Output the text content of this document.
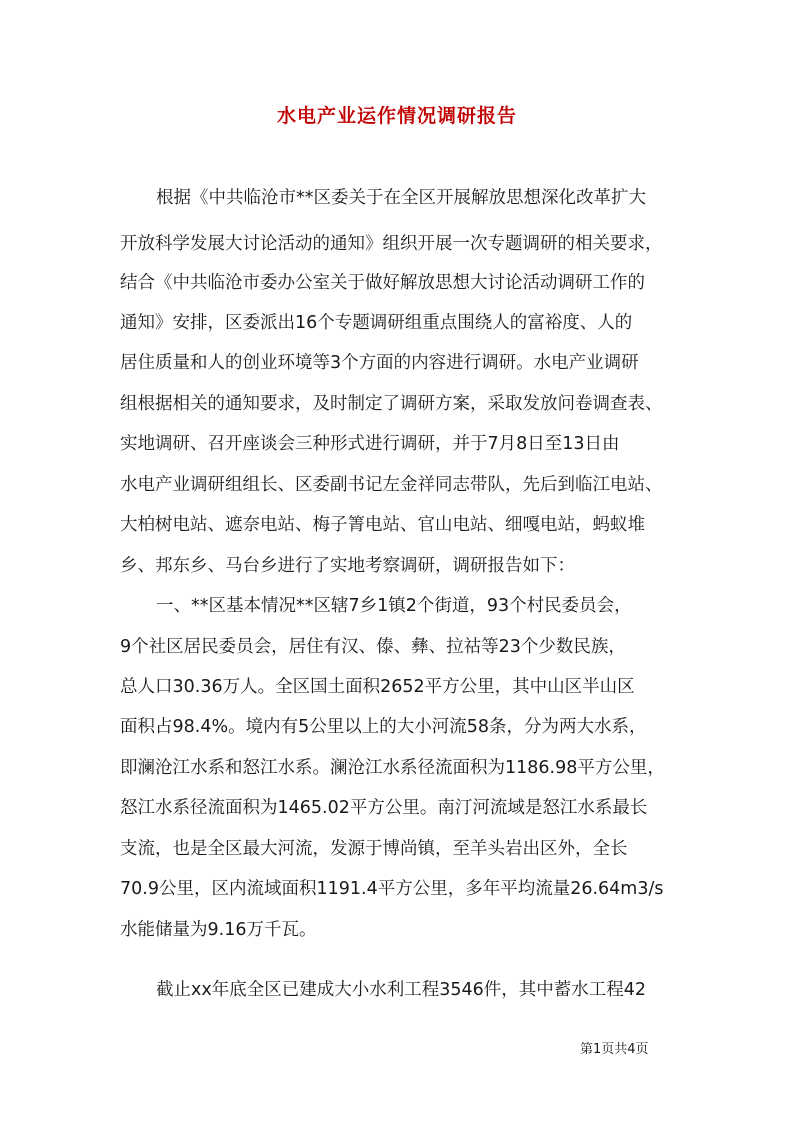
水电产业运作情况调研报告
根据《中共临沧市**区委关于在全区开展解放思想深化改革扩大
开放科学发展大讨论活动的通知》组织开展一次专题调研的相关要求，
结合《中共临沧市委办公室关于做好解放思想大讨论活动调研工作的
通知》安排，区委派出16个专题调研组重点围绕人的富裕度、人的
居住质量和人的创业环境等3个方面的内容进行调研。水电产业调研
组根据相关的通知要求，及时制定了调研方案，采取发放问卷调查表、
实地调研、召开座谈会三种形式进行调研，并于7月8日至13日由
水电产业调研组组长、区委副书记左金祥同志带队，先后到临江电站、
大柏树电站、遮奈电站、梅子箐电站、官山电站、细嘎电站，蚂蚁堆
乡、邦东乡、马台乡进行了实地考察调研，调研报告如下：
一、**区基本情况**区辖7乡1镇2个街道，93个村民委员会，
9个社区居民委员会，居住有汉、傣、彝、拉祜等23个少数民族，
总人口30.36万人。全区国土面积2652平方公里，其中山区半山区
面积占98.4%。境内有5公里以上的大小河流58条，分为两大水系，
即澜沧江水系和怒江水系。澜沧江水系径流面积为1186.98平方公里，
怒江水系径流面积为1465.02平方公里。南汀河流域是怒江水系最长
支流，也是全区最大河流，发源于博尚镇，至羊头岩出区外，全长
70.9公里，区内流域面积1191.4平方公里，多年平均流量26.64m3/s
水能储量为9.16万千瓦。
截止xx年底全区已建成大小水利工程3546件，其中蓄水工程42
第1页共4页
